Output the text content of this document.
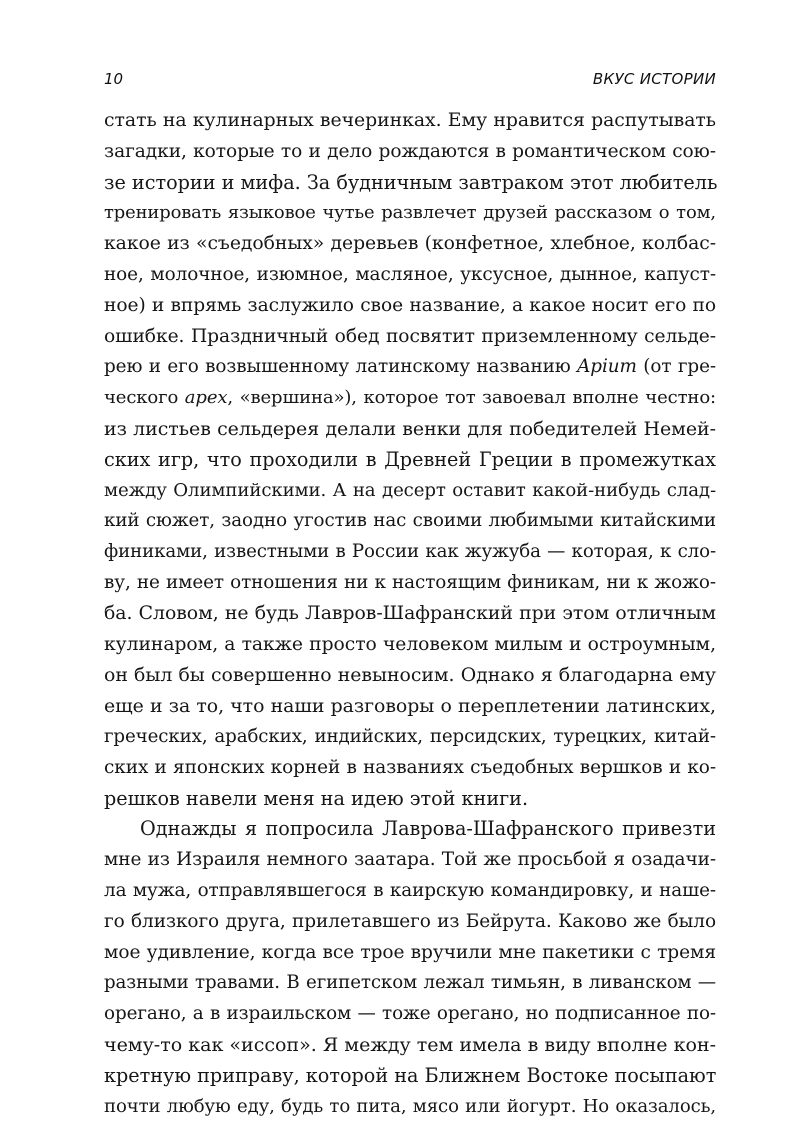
10	ВКУС ИСТОРИИ
стать на кулинарных вечеринках. Ему нравится распутывать
загадки, которые то и дело рождаются в романтическом сою-
зе истории и мифа. За будничным завтраком этот любитель
тренировать языковое чутье развлечет друзей рассказом о том,
какое из «съедобных» деревьев (конфетное, хлебное, колбас-
ное, молочное, изюмное, масляное, уксусное, дынное, капуст-
ное) и впрямь заслужило свое название, а какое носит его по
ошибке. Праздничный обед посвятит приземленному сельде-
рею и его возвышенному латинскому названию Apium (от гре-
ческого apex, «вершина»), которое тот завоевал вполне честно:
из листьев сельдерея делали венки для победителей Немей-
ских игр, что проходили в Древней Греции в промежутках
между Олимпийскими. А на десерт оставит какой-нибудь слад-
кий сюжет, заодно угостив нас своими любимыми китайскими
финиками, известными в России как жужуба — которая, к сло-
ву, не имеет отношения ни к настоящим финикам, ни к жожо-
ба. Словом, не будь Лавров-Шафранский при этом отличным
кулинаром, а также просто человеком милым и остроумным,
он был бы совершенно невыносим. Однако я благодарна ему
еще и за то, что наши разговоры о переплетении латинских,
греческих, арабских, индийских, персидских, турецких, китай-
ских и японских корней в названиях съедобных вершков и ко-
решков навели меня на идею этой книги.
Однажды я попросила Лаврова-Шафранского привезти
мне из Израиля немного заатара. Той же просьбой я озадачи-
ла мужа, отправлявшегося в каирскую командировку, и наше-
го близкого друга, прилетавшего из Бейрута. Каково же было
мое удивление, когда все трое вручили мне пакетики с тремя
разными травами. В египетском лежал тимьян, в ливанском —
орегано, а в израильском — тоже орегано, но подписанное по-
чему-то как «иссоп». Я между тем имела в виду вполне кон-
кретную приправу, которой на Ближнем Востоке посыпают
почти любую еду, будь то пита, мясо или йогурт. Но оказалось,
